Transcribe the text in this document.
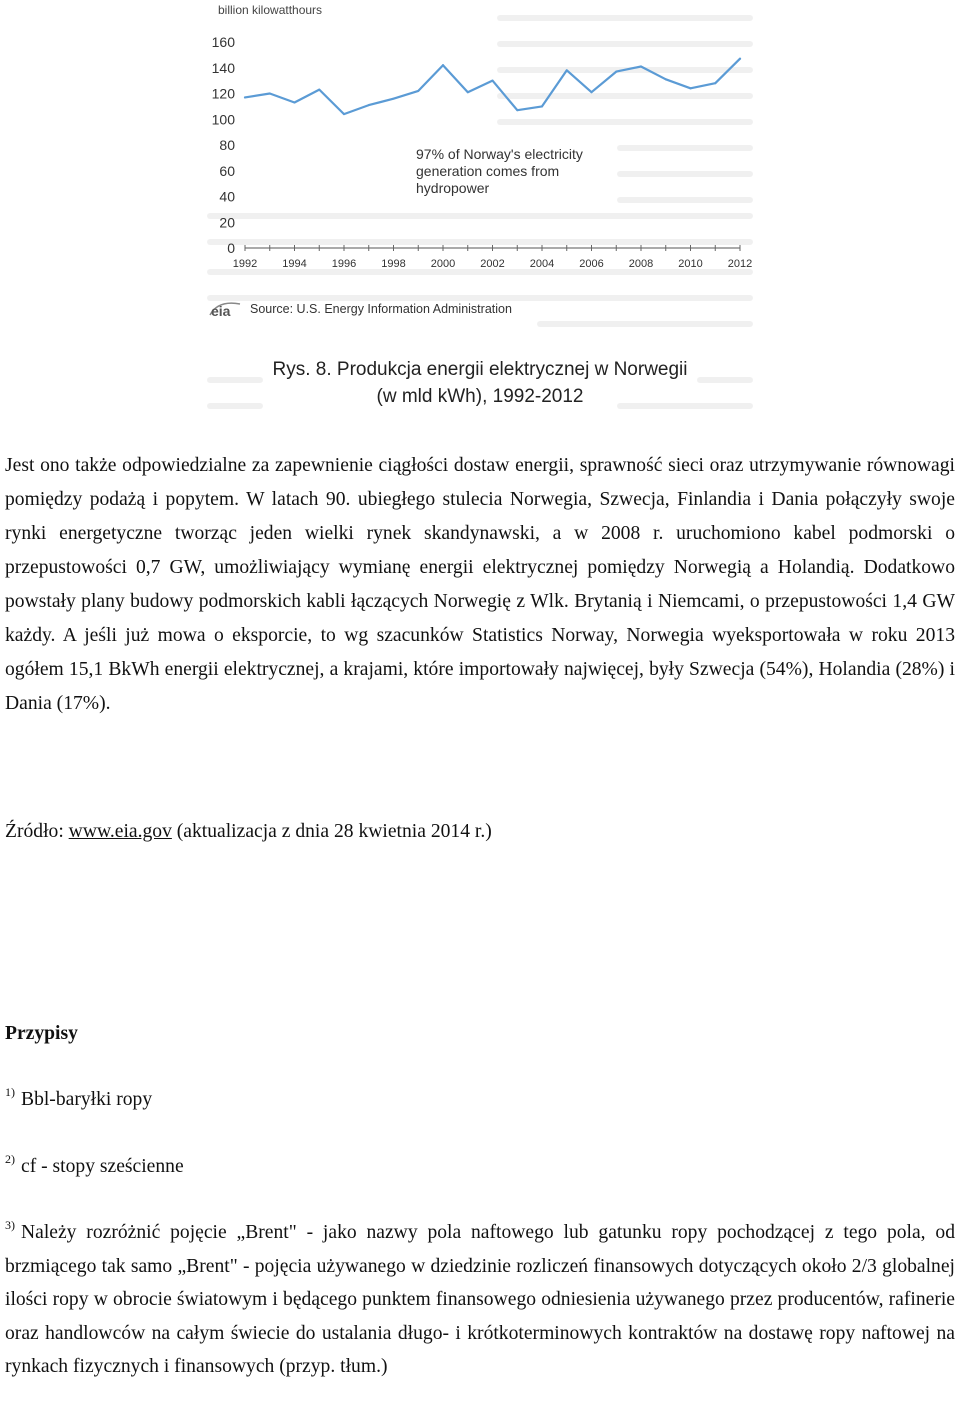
billion kilowatthours
0
20
40
60
80
100
120
140
160
1992 1994 1996 1998 2000 2002 2004 2006 2008 2010 2012
97% of Norway's electricity generation comes from hydropower
eia Source: U.S. Energy Information Administration
Rys. 8. Produkcja energii elektrycznej w Norwegii
(w mld kWh), 1992-2012

Jest ono także odpowiedzialne za zapewnienie ciągłości dostaw energii, sprawność sieci oraz utrzymywanie równowagi pomiędzy podażą i popytem. W latach 90. ubiegłego stulecia Norwegia, Szwecja, Finlandia i Dania połączyły swoje rynki energetyczne tworząc jeden wielki rynek skandynawski, a w 2008 r. uruchomiono kabel podmorski o przepustowości 0,7 GW, umożliwiający wymianę energii elektrycznej pomiędzy Norwegią a Holandią. Dodatkowo powstały plany budowy podmorskich kabli łączących Norwegię z Wlk. Brytanią i Niemcami, o przepustowości 1,4 GW każdy. A jeśli już mowa o eksporcie, to wg szacunków Statistics Norway, Norwegia wyeksportowała w roku 2013 ogółem 15,1 BkWh energii elektrycznej, a krajami, które importowały najwięcej, były Szwecja (54%), Holandia (28%) i Dania (17%).

Źródło: www.eia.gov (aktualizacja z dnia 28 kwietnia 2014 r.)

Przypisy

$^{1)}$ Bbl-baryłki ropy

$^{2)}$ cf - stopy sześcienne

$^{3)}$ Należy rozróżnić pojęcie „Brent" - jako nazwy pola naftowego lub gatunku ropy pochodzącej z tego pola, od brzmiącego tak samo „Brent" - pojęcia używanego w dziedzinie rozliczeń finansowych dotyczących około 2/3 globalnej ilości ropy w obrocie światowym i będącego punktem finansowego odniesienia używanego przez producentów, rafinerie oraz handlowców na całym świecie do ustalania długo- i krótkoterminowych kontraktów na dostawę ropy naftowej na rynkach fizycznych i finansowych (przyp. tłum.)
